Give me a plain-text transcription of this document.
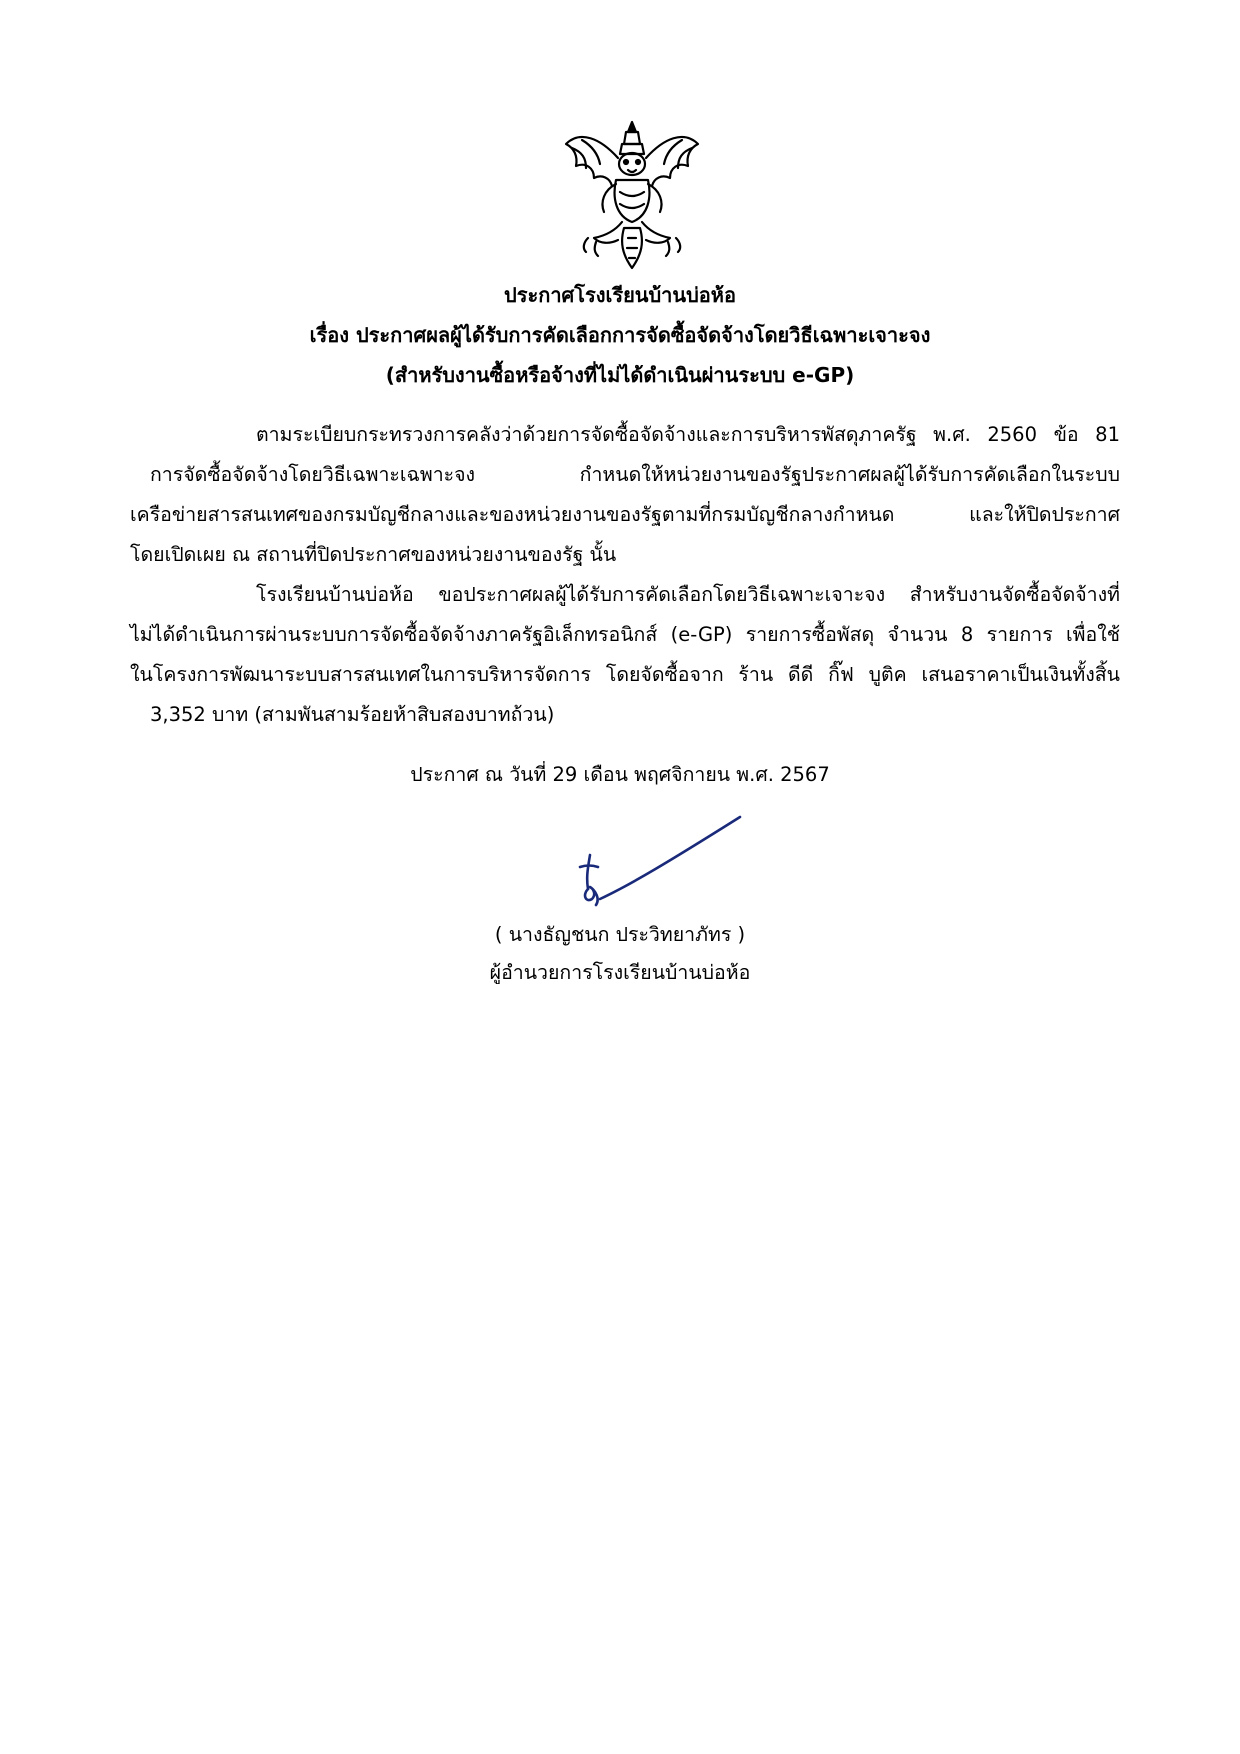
ประกาศโรงเรียนบ้านบ่อห้อ
เรื่อง ประกาศผลผู้ได้รับการคัดเลือกการจัดซื้อจัดจ้างโดยวิธีเฉพาะเจาะจง
(สำหรับงานซื้อหรือจ้างที่ไม่ได้ดำเนินผ่านระบบ e-GP)
ตามระเบียบกระทรวงการคลังว่าด้วยการจัดซื้อจัดจ้างและการบริหารพัสดุภาครัฐ พ.ศ. 2560 ข้อ 81
การจัดซื้อจัดจ้างโดยวิธีเฉพาะเฉพาะจง กำหนดให้หน่วยงานของรัฐประกาศผลผู้ได้รับการคัดเลือกในระบบ
เครือข่ายสารสนเทศของกรมบัญชีกลางและของหน่วยงานของรัฐตามที่กรมบัญชีกลางกำหนด และให้ปิดประกาศ
โดยเปิดเผย ณ สถานที่ปิดประกาศของหน่วยงานของรัฐ นั้น
โรงเรียนบ้านบ่อห้อ ขอประกาศผลผู้ได้รับการคัดเลือกโดยวิธีเฉพาะเจาะจง สำหรับงานจัดซื้อจัดจ้างที่
ไม่ได้ดำเนินการผ่านระบบการจัดซื้อจัดจ้างภาครัฐอิเล็กทรอนิกส์ (e-GP) รายการซื้อพัสดุ จำนวน 8 รายการ เพื่อใช้
ในโครงการพัฒนาระบบสารสนเทศในการบริหารจัดการ โดยจัดซื้อจาก ร้าน ดีดี กิ๊ฟ บูติค เสนอราคาเป็นเงินทั้งสิ้น
3,352 บาท (สามพันสามร้อยห้าสิบสองบาทถ้วน)
ประกาศ ณ วันที่ 29 เดือน พฤศจิกายน พ.ศ. 2567
( นางธัญชนก ประวิทยาภัทร )
ผู้อำนวยการโรงเรียนบ้านบ่อห้อ
